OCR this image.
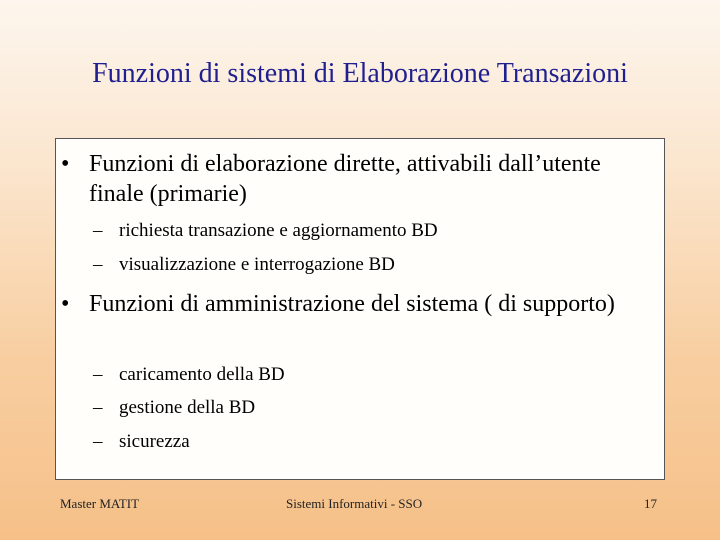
Funzioni di sistemi di Elaborazione Transazioni
• Funzioni di elaborazione dirette, attivabili dall’utente finale (primarie)
– richiesta transazione e aggiornamento BD
– visualizzazione e interrogazione BD
• Funzioni di amministrazione del sistema ( di supporto)
– caricamento della BD
– gestione della BD
– sicurezza
Master MATIT	Sistemi Informativi - SSO	17
